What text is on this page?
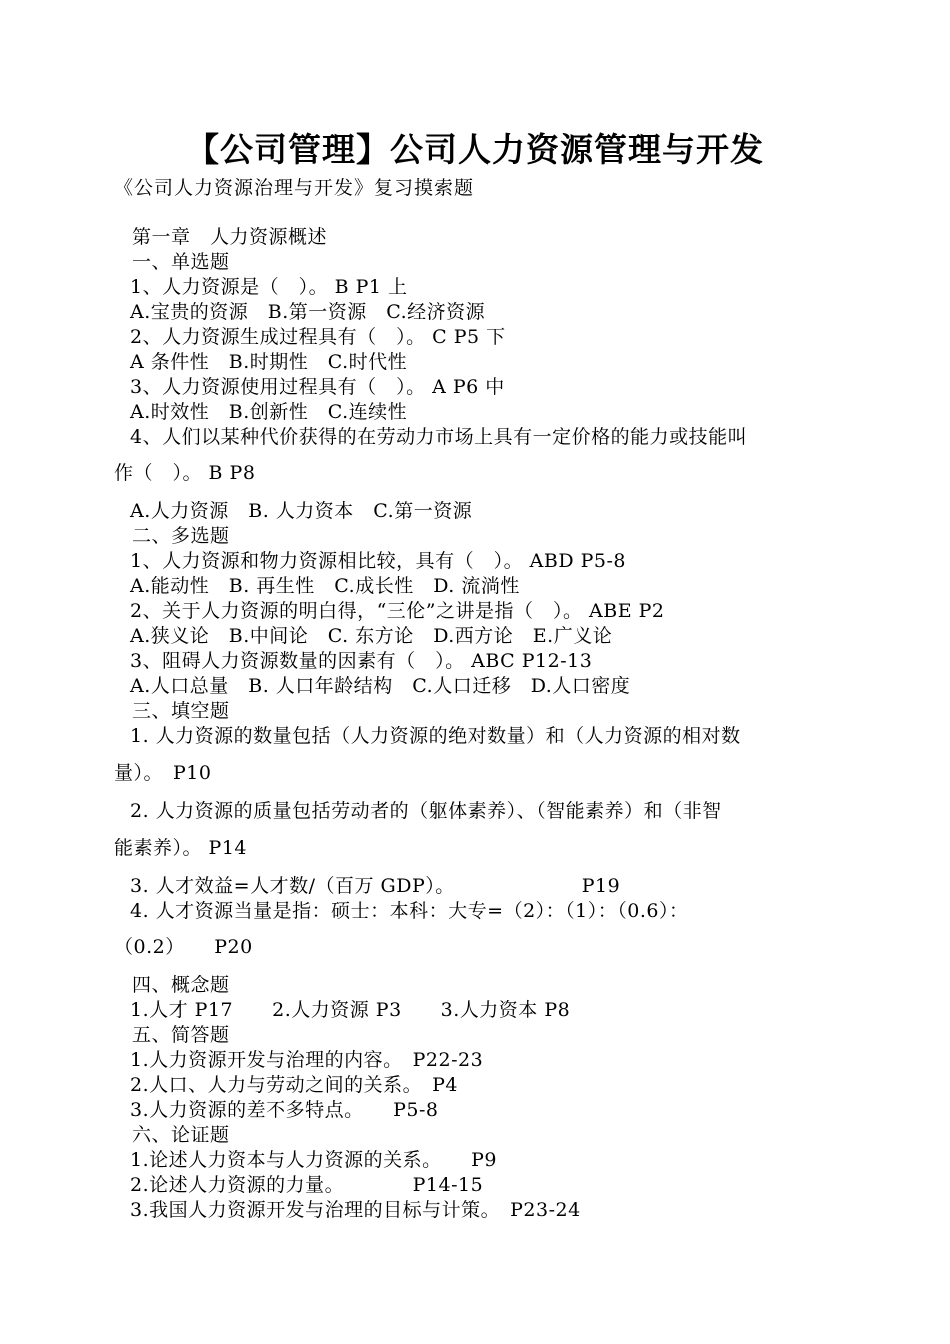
【公司管理】公司人力资源管理与开发
《公司人力资源治理与开发》复习摸索题
第一章　人力资源概述
一、单选题
1、人力资源是（　）。 B P1 上
A.宝贵的资源　B.第一资源　C.经济资源
2、人力资源生成过程具有（　）。 C P5 下
A 条件性　B.时期性　C.时代性
3、人力资源使用过程具有（　）。 A P6 中
A.时效性　B.创新性　C.连续性
4、人们以某种代价获得的在劳动力市场上具有一定价格的能力或技能叫
作（　）。 B P8
A.人力资源　B. 人力资本　C.第一资源
二、多选题
1、人力资源和物力资源相比较，具有（　）。 ABD P5-8
A.能动性　B. 再生性　C.成长性　D. 流淌性
2、关于人力资源的明白得，“三伦”之讲是指（　）。 ABE P2
A.狭义论　B.中间论　C. 东方论　D.西方论　E.广义论
3、阻碍人力资源数量的因素有（　）。 ABC P12-13
A.人口总量　B. 人口年龄结构　C.人口迁移　D.人口密度
三、填空题
1. 人力资源的数量包括（人力资源的绝对数量）和（人力资源的相对数
量）。　P10
2. 人力资源的质量包括劳动者的（躯体素养）、（智能素养）和（非智
能素养）。 P14
3. 人才效益=人才数/（百万 GDP）。　　　　　　　P19
4. 人才资源当量是指：硕士：本科：大专=（2）：（1）：（0.6）：
（0.2）　　P20
四、概念题
1.人才 P17　　2.人力资源 P3　　3.人力资本 P8
五、简答题
1.人力资源开发与治理的内容。　P22-23
2.人口、人力与劳动之间的关系。　P4
3.人力资源的差不多特点。　　P5-8
六、论证题
1.论述人力资本与人力资源的关系。　　P9
2.论述人力资源的力量。　　　　P14-15
3.我国人力资源开发与治理的目标与计策。　P23-24
